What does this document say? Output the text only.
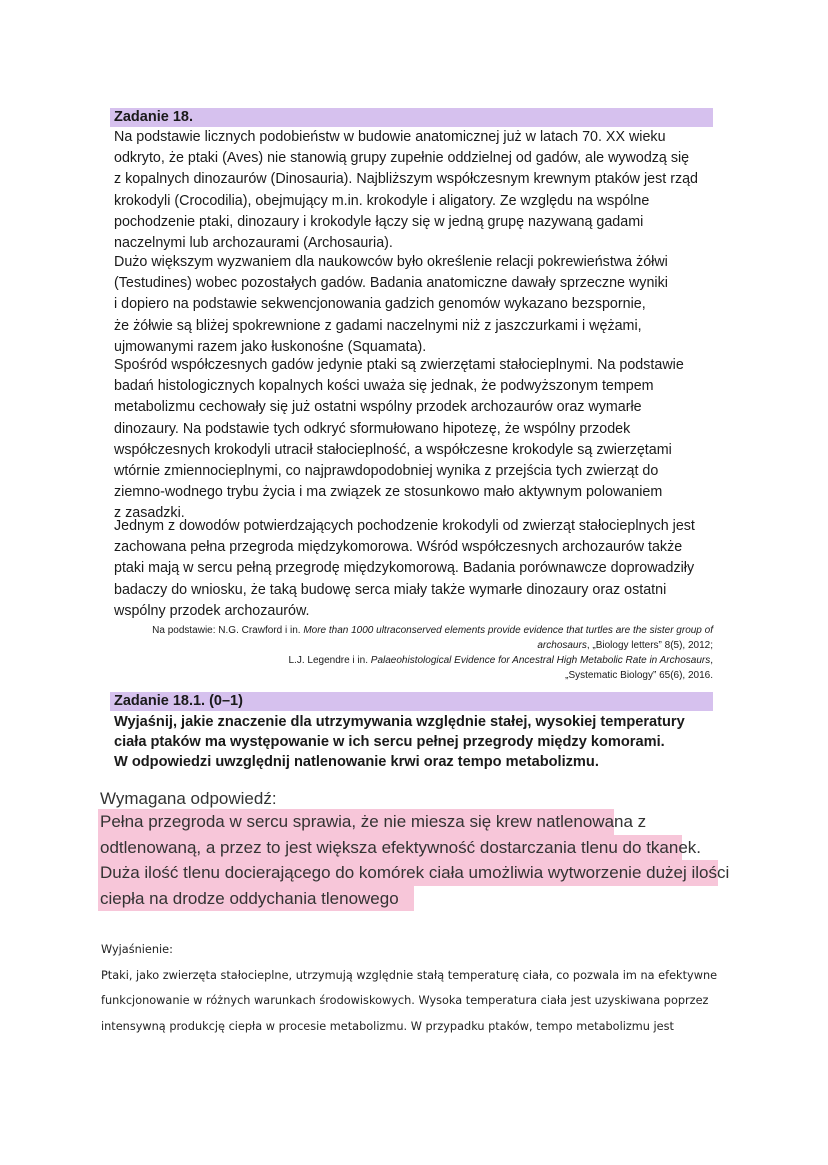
Zadanie 18.
Na podstawie licznych podobieństw w budowie anatomicznej już w latach 70. XX wieku
odkryto, że ptaki (Aves) nie stanowią grupy zupełnie oddzielnej od gadów, ale wywodzą się
z kopalnych dinozaurów (Dinosauria). Najbliższym współczesnym krewnym ptaków jest rząd
krokodyli (Crocodilia), obejmujący m.in. krokodyle i aligatory. Ze względu na wspólne
pochodzenie ptaki, dinozaury i krokodyle łączy się w jedną grupę nazywaną gadami
naczelnymi lub archozaurami (Archosauria).
Dużo większym wyzwaniem dla naukowców było określenie relacji pokrewieństwa żółwi
(Testudines) wobec pozostałych gadów. Badania anatomiczne dawały sprzeczne wyniki
i dopiero na podstawie sekwencjonowania gadzich genomów wykazano bezspornie,
że żółwie są bliżej spokrewnione z gadami naczelnymi niż z jaszczurkami i wężami,
ujmowanymi razem jako łuskonośne (Squamata).
Spośród współczesnych gadów jedynie ptaki są zwierzętami stałocieplnymi. Na podstawie
badań histologicznych kopalnych kości uważa się jednak, że podwyższonym tempem
metabolizmu cechowały się już ostatni wspólny przodek archozaurów oraz wymarłe
dinozaury. Na podstawie tych odkryć sformułowano hipotezę, że wspólny przodek
współczesnych krokodyli utracił stałocieplność, a współczesne krokodyle są zwierzętami
wtórnie zmiennocieplnymi, co najprawdopodobniej wynika z przejścia tych zwierząt do
ziemno-wodnego trybu życia i ma związek ze stosunkowo mało aktywnym polowaniem
z zasadzki.
Jednym z dowodów potwierdzających pochodzenie krokodyli od zwierząt stałocieplnych jest
zachowana pełna przegroda międzykomorowa. Wśród współczesnych archozaurów także
ptaki mają w sercu pełną przegrodę międzykomorową. Badania porównawcze doprowadziły
badaczy do wniosku, że taką budowę serca miały także wymarłe dinozaury oraz ostatni
wspólny przodek archozaurów.
Na podstawie: N.G. Crawford i in. More than 1000 ultraconserved elements provide evidence that turtles are the sister group of
archosaurs, „Biology letters” 8(5), 2012;
L.J. Legendre i in. Palaeohistological Evidence for Ancestral High Metabolic Rate in Archosaurs,
„Systematic Biology” 65(6), 2016.
Zadanie 18.1. (0–1)
Wyjaśnij, jakie znaczenie dla utrzymywania względnie stałej, wysokiej temperatury
ciała ptaków ma występowanie w ich sercu pełnej przegrody między komorami.
W odpowiedzi uwzględnij natlenowanie krwi oraz tempo metabolizmu.
Wymagana odpowiedź:
Pełna przegroda w sercu sprawia, że nie miesza się krew natlenowana z
odtlenowaną, a przez to jest większa efektywność dostarczania tlenu do tkanek.
Duża ilość tlenu docierającego do komórek ciała umożliwia wytworzenie dużej ilości
ciepła na drodze oddychania tlenowego
Wyjaśnienie:
Ptaki, jako zwierzęta stałocieplne, utrzymują względnie stałą temperaturę ciała, co pozwala im na efektywne
funkcjonowanie w różnych warunkach środowiskowych. Wysoka temperatura ciała jest uzyskiwana poprzez
intensywną produkcję ciepła w procesie metabolizmu. W przypadku ptaków, tempo metabolizmu jest
